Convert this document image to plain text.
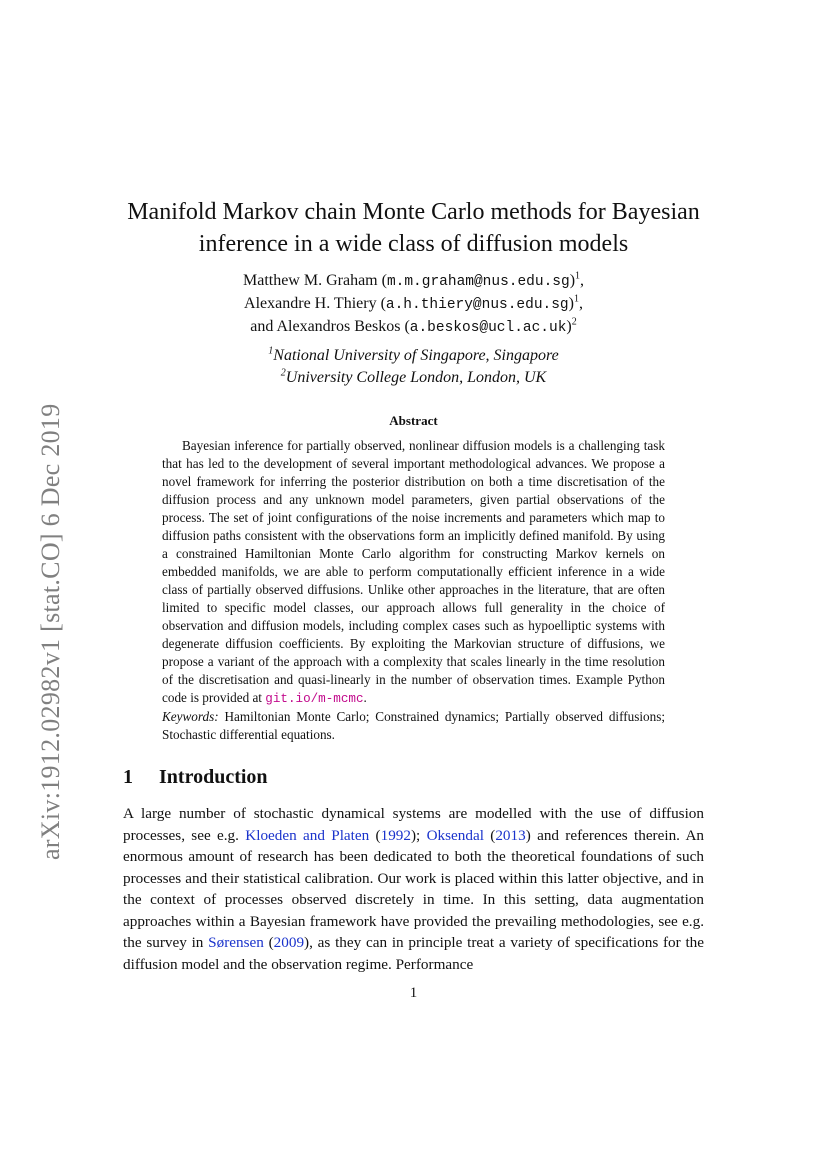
arXiv:1912.02982v1 [stat.CO] 6 Dec 2019
Manifold Markov chain Monte Carlo methods for Bayesian
inference in a wide class of diffusion models
Matthew M. Graham (m.m.graham@nus.edu.sg)$^1$,
Alexandre H. Thiery (a.h.thiery@nus.edu.sg)$^1$,
and Alexandros Beskos (a.beskos@ucl.ac.uk)$^2$
$^1$National University of Singapore, Singapore
$^2$University College London, London, UK
Abstract

Bayesian inference for partially observed, nonlinear diffusion models is a challenging task that has led to the development of several important methodological advances. We propose a novel framework for inferring the posterior distribution on both a time discretisation of the diffusion process and any unknown model parameters, given partial observations of the process. The set of joint configurations of the noise increments and parameters which map to diffusion paths consistent with the observations form an implicitly defined manifold. By using a constrained Hamiltonian Monte Carlo algorithm for constructing Markov kernels on embedded manifolds, we are able to perform computationally efficient inference in a wide class of partially observed diffusions. Unlike other approaches in the literature, that are often limited to specific model classes, our approach allows full generality in the choice of observation and diffusion models, including complex cases such as hypoelliptic systems with degenerate diffusion coefficients. By exploiting the Markovian structure of diffusions, we propose a variant of the approach with a complexity that scales linearly in the time resolution of the discretisation and quasi-linearly in the number of observation times. Example Python code is provided at git.io/m-mcmc.

Keywords: Hamiltonian Monte Carlo; Constrained dynamics; Partially observed diffusions; Stochastic differential equations.

1 Introduction

A large number of stochastic dynamical systems are modelled with the use of diffusion processes, see e.g. Kloeden and Platen (1992); Oksendal (2013) and references therein. An enormous amount of research has been dedicated to both the theoretical foundations of such processes and their statistical calibration. Our work is placed within this latter objective, and in the context of processes observed discretely in time. In this setting, data augmentation approaches within a Bayesian framework have provided the prevailing methodologies, see e.g. the survey in Sørensen (2009), as they can in principle treat a variety of specifications for the diffusion model and the observation regime. Performance

1
